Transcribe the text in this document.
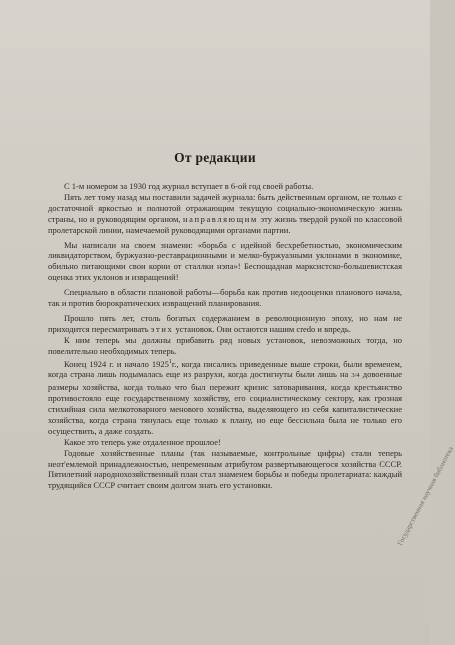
От редакции

С 1-м номером за 1930 год журнал вступает в 6-ой год своей работы.

Пять лет тому назад мы поставили задачей журнала: быть действенным органом, не только с достаточной яркостью и полнотой отражающим текущую социально-экономическую жизнь страны, но и руководящим органом, направляющим эту жизнь твердой рукой по классовой пролетарской линии, намечаемой руководящими органами партии.

Мы написали на своем знамени: «борьба с идейной бесхребетностью, экономическим ликвидаторством, буржуазно-реставрационными и мелко-буржуазными уклонами в экономике, обильно питающими свои корни от сталлки нэпа»! Беспощадная марксистско-большевистская оценка этих уклонов и извращений!

Специально в области плановой работы—борьба как против недооценки планового начала, так и против бюрократических извращений планирования.

Прошло пять лет, столь богатых содержанием в революционную эпоху, но нам не приходится пересматривать этих установок. Они остаются нашим credo и впредь.

К ним теперь мы должны прибавить ряд новых установок, невозможных тогда, но повелительно необходимых теперь.

Конец 1924 г. и начало 1925$^1$г., когда писались приведенные выше строки, были временем, когда страна лишь подымалась еще из разрухи, когда достигнуты были лишь на 3/4 довоенные размеры хозяйства, когда только что был пережит кризис затоваривания, когда крестьянство противостояло еще государственному хозяйству, его социалистическому сектору, как грозная стихийная сила мелкотоварного менового хозяйства, выделяющего из себя капиталистические хозяйства, когда страна тянулась еще только к плану, но еще бессильна была не только его осуществить, а даже создать.

Какое это теперь уже отдаленное прошлое!

Годовые хозяйственные планы (так называемые, контрольные цифры) стали теперь неот'емлемой принадлежностью, непременным атрибутом развертывающегося хозяйства СССР. Пятилетний народнохозяйственный план стал знаменем борьбы и победы пролетариата: каждый трудящийся СССР считает своим долгом знать его установки.	Государственная научная библиотека
